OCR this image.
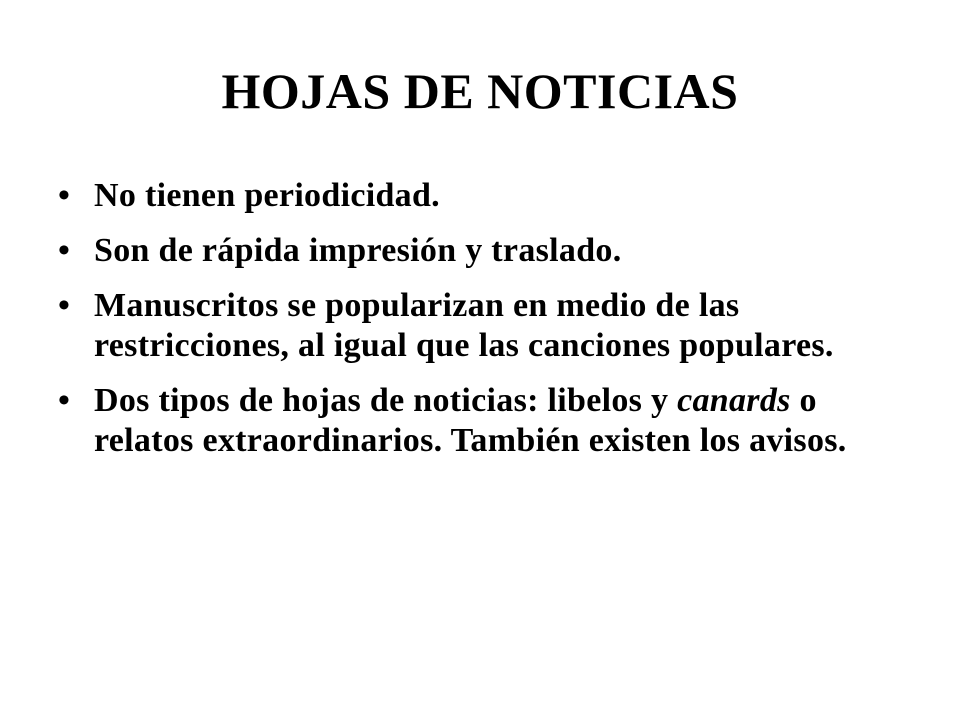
HOJAS DE NOTICIAS
• No tienen periodicidad.
• Son de rápida impresión y traslado.
• Manuscritos se popularizan en medio de las restricciones, al igual que las canciones populares.
• Dos tipos de hojas de noticias: libelos y canards o relatos extraordinarios. También existen los avisos.
